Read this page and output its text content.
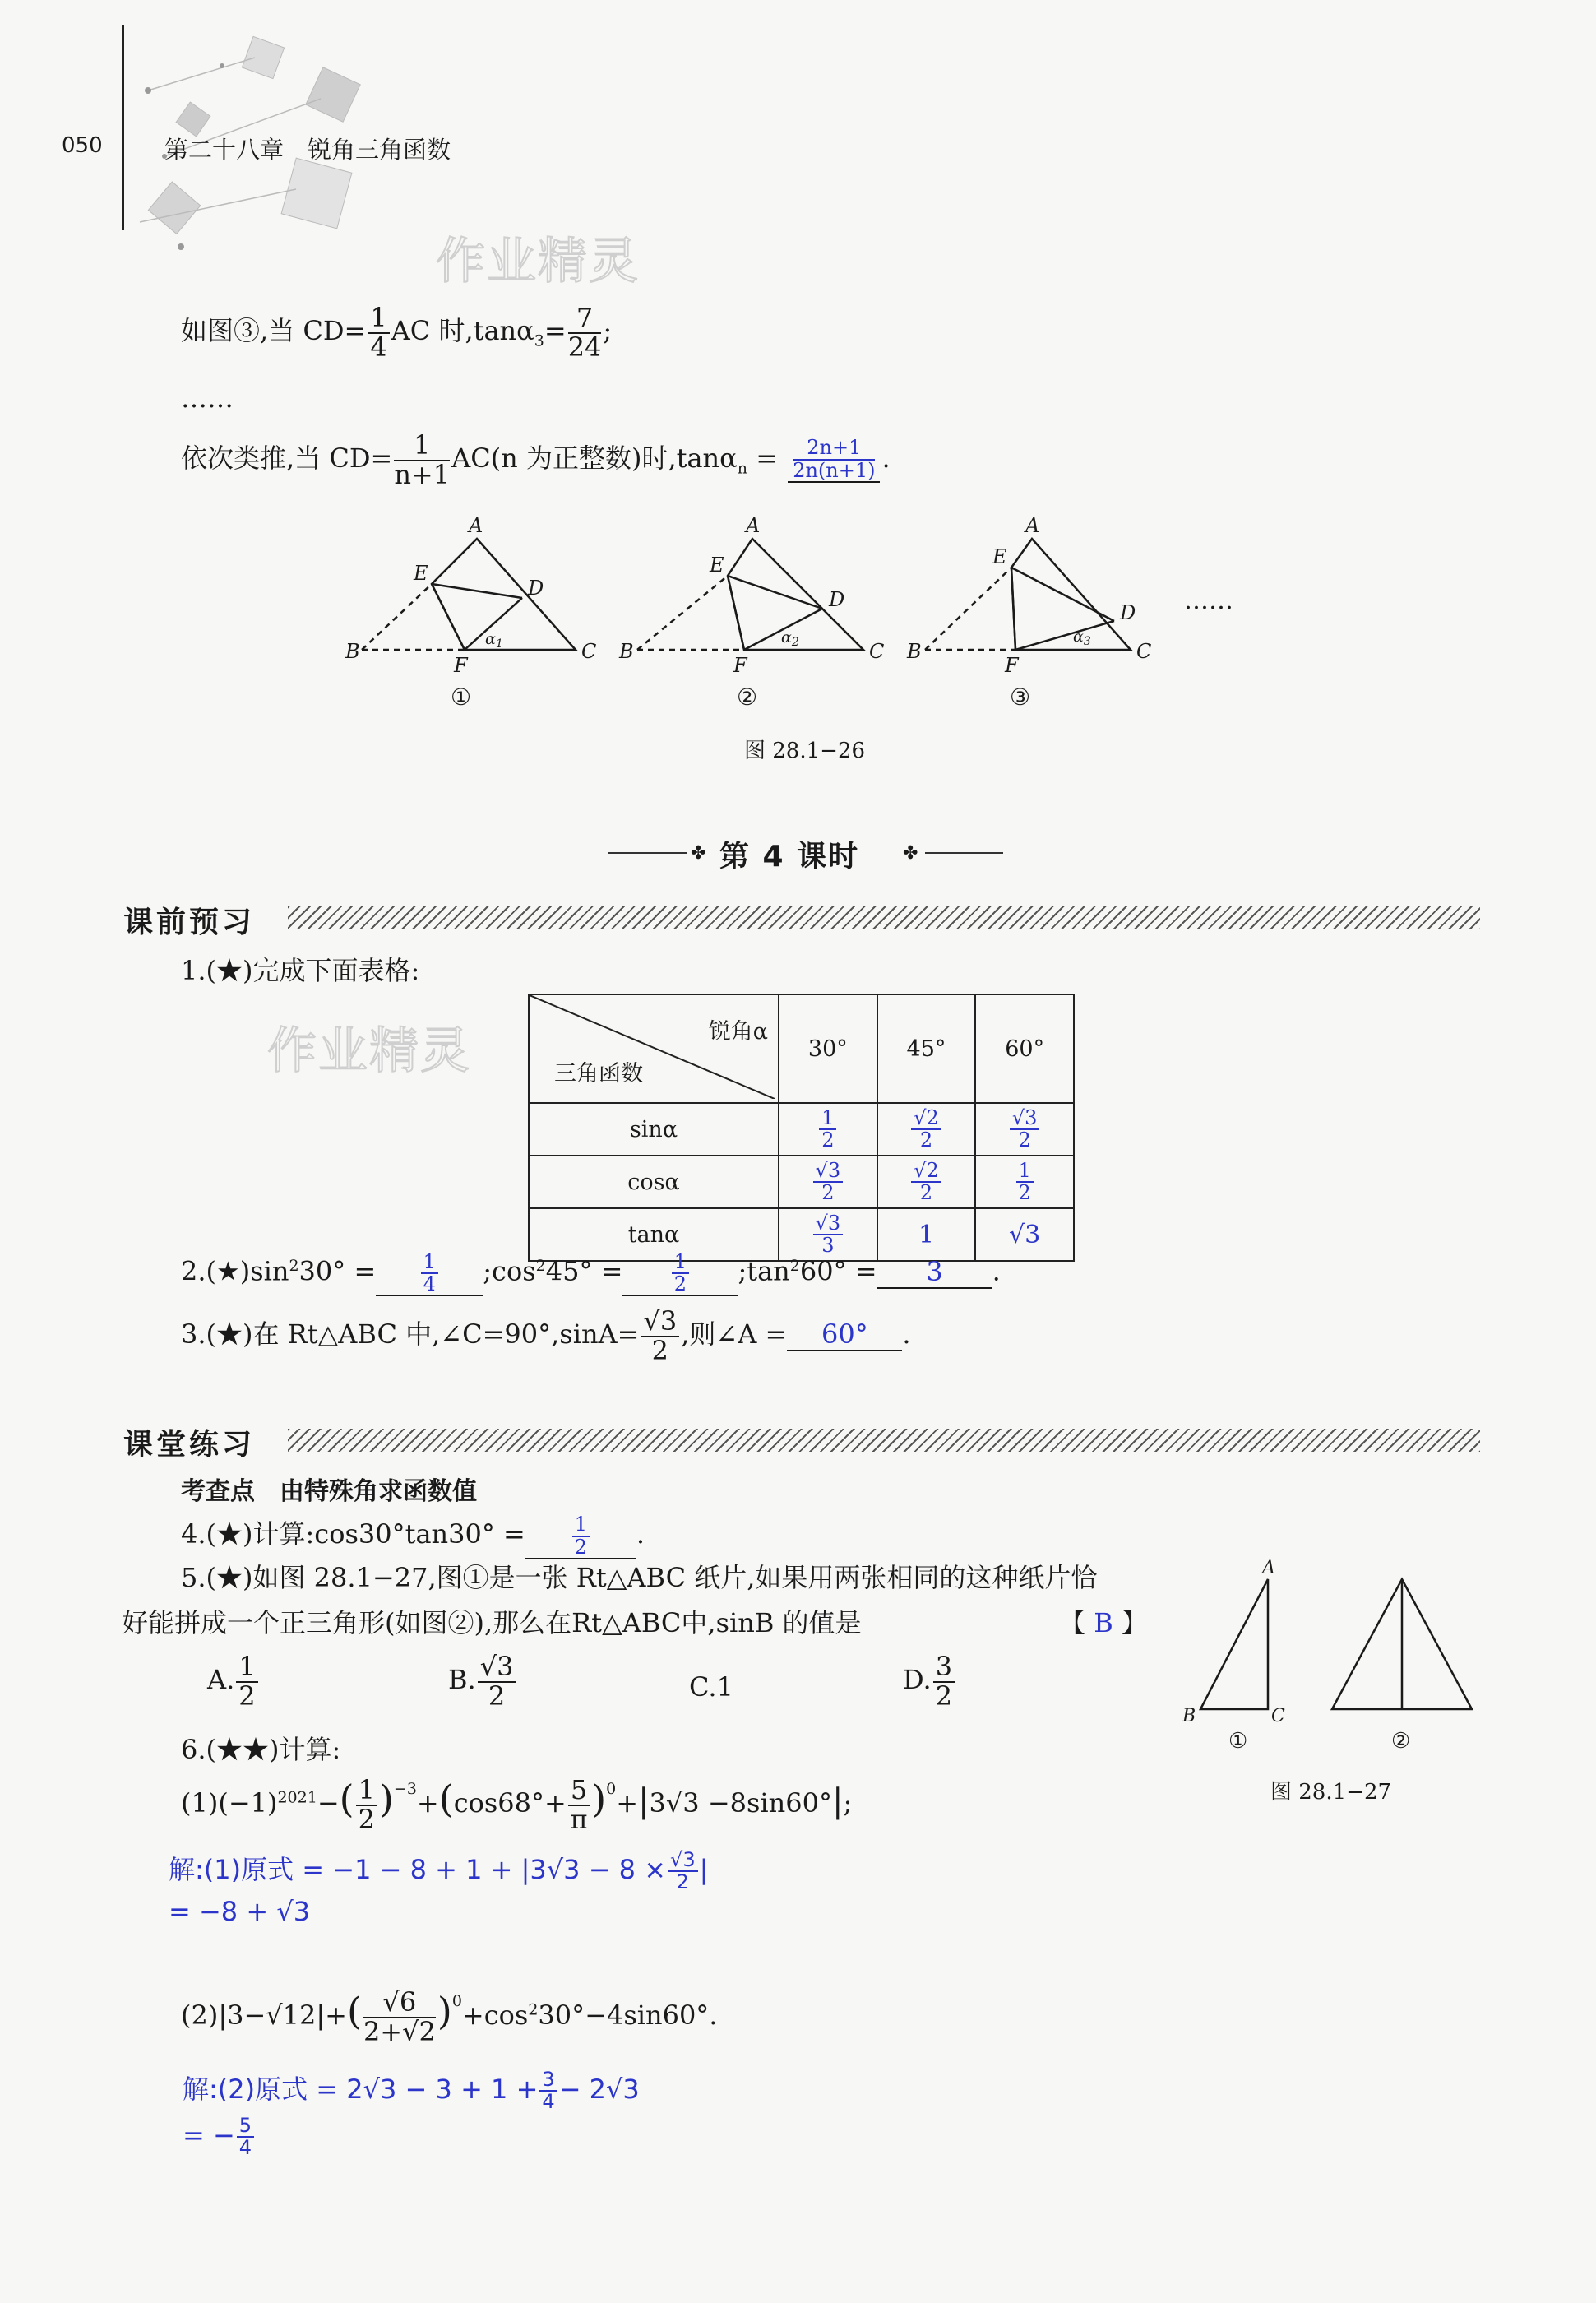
050	第二十八章　锐角三角函数
作业精灵
如图③,当 $CD= \frac{1}{4}$ AC 时$,\tan\alpha_3= \frac{7}{24}$ ;
……
依次类推,当 $CD= \frac{1}{n+1} AC(n$ 为正整数)时$,\tan\alpha_n = \frac{2n+1}{2n(n+1)}$ .
A
B	C
D
E
F
A
B	C
D
E
F
A
B	C
D
E
F
$\alpha_1$	$\alpha_2$	$\alpha_3$
①	②	③
……
图 28.1−26
✤ 第 4 课时 ✤
课前预习
1.(★)完成下面表格:
作业精灵	锐角α
三角函数	30°	45°	60°
sinα	$\frac{1}{2}$	$\frac{√2}{2}$	$\frac{√3}{2}$

cosα	$\frac{√3}{2}$	$\frac{√2}{2}$	$\frac{1}{2}$

tanα	$\frac{√3}{3}$	1	√3
$2.(★)\sin^230^\circ = \frac{1}{4}$ $;\cos^245^\circ = \frac{1}{2}$ $;\tan^260^\circ = 3$ .
3.(★)在 Rt△ABC 中,∠C=90°,sinA= $\frac{√3}{2}$ ,则∠A = 60° .
课堂练习
考查点　由特殊角求函数值
4.(★)计算:cos30°tan30° = $\frac{1}{2}$ .
5.(★)如图 28.1−27,图①是一张 Rt△ABC 纸片,如果用两张相同的这种纸片恰
好能拼成一个正三角形(如图②),那么在Rt△ABC中,sinB 的值是	【 B 】
A. $\frac{1}{2}$	B. $\frac{√3}{2}$	C.1	D. $\frac{3}{2}$
A
B	C
①	②
图 28.1−27
6.(★★)计算:
$(1)(-1)^{2021}-( \frac{1}{2} )^{-3}+(\cos 68^\circ+ \frac{5}{\pi} )^0+|3√3 -8\sin 60^\circ|$;
解:(1)原式 = $-1 - 8 + 1 + |3√3 - 8 \times \frac{√3}{2}$ |
= −8 + √3
$(2)|3-√12|+( \frac{√6}{2+√2} )^0+\cos^230^\circ-4\sin 60^\circ$.
解:(2)原式 = $2√3 - 3 + 1 + \frac{3}{4} - 2√3$
= − $\frac{5}{4}$
